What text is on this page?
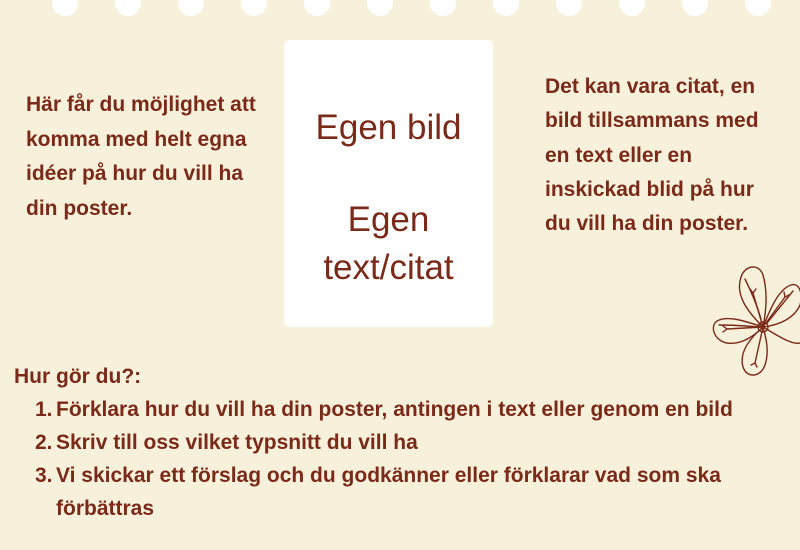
Här får du möjlighet att komma med helt egna idéer på hur du vill ha din poster.
Egen bild
Egen text/citat
Det kan vara citat, en bild tillsammans med en text eller en inskickad blid på hur du vill ha din poster.
Hur gör du?:
1. Förklara hur du vill ha din poster, antingen i text eller genom en bild
2. Skriv till oss vilket typsnitt du vill ha
3. Vi skickar ett förslag och du godkänner eller förklarar vad som ska förbättras
